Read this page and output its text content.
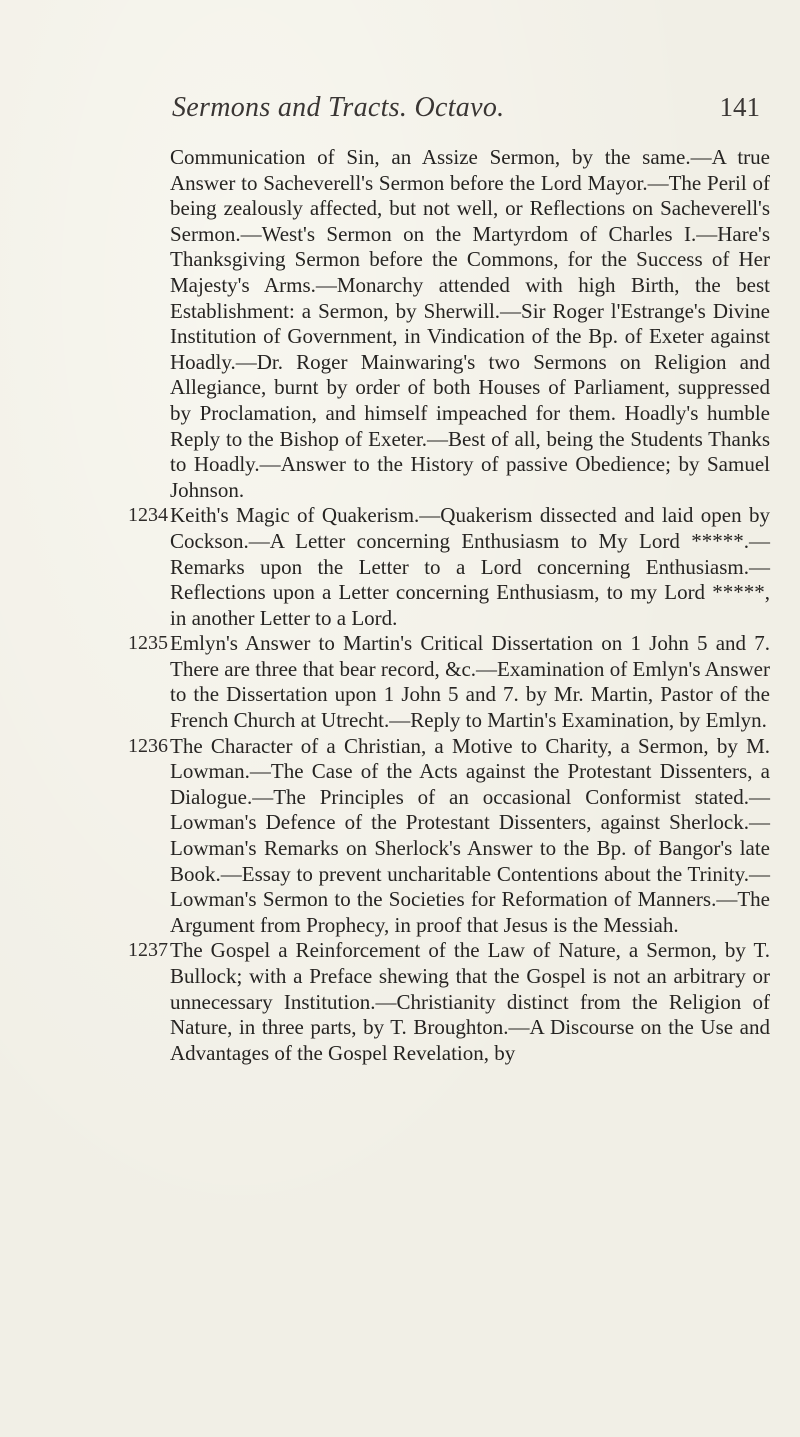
Sermons and Tracts. Octavo.	141
Communication of Sin, an Assize Sermon, by the same.—A true Answer to Sacheverell's Sermon before the Lord Mayor.—The Peril of being zealously affected, but not well, or Reflections on Sacheverell's Sermon.—West's Sermon on the Martyrdom of Charles I.—Hare's Thanksgiving Sermon before the Commons, for the Success of Her Majesty's Arms.—Monarchy attended with high Birth, the best Establishment: a Sermon, by Sherwill.—Sir Roger l'Estrange's Divine Institution of Government, in Vindication of the Bp. of Exeter against Hoadly.—Dr. Roger Mainwaring's two Sermons on Religion and Allegiance, burnt by order of both Houses of Parliament, suppressed by Proclamation, and himself impeached for them. Hoadly's humble Reply to the Bishop of Exeter.—Best of all, being the Students Thanks to Hoadly.—Answer to the History of passive Obedience; by Samuel Johnson.
1234 Keith's Magic of Quakerism.—Quakerism dissected and laid open by Cockson.—A Letter concerning Enthusiasm to My Lord *****.—Remarks upon the Letter to a Lord concerning Enthusiasm.—Reflections upon a Letter concerning Enthusiasm, to my Lord *****, in another Letter to a Lord.
1235 Emlyn's Answer to Martin's Critical Dissertation on 1 John 5 and 7. There are three that bear record, &c.—Examination of Emlyn's Answer to the Dissertation upon 1 John 5 and 7. by Mr. Martin, Pastor of the French Church at Utrecht.—Reply to Martin's Examination, by Emlyn.
1236 The Character of a Christian, a Motive to Charity, a Sermon, by M. Lowman.—The Case of the Acts against the Protestant Dissenters, a Dialogue.—The Principles of an occasional Conformist stated.—Lowman's Defence of the Protestant Dissenters, against Sherlock.—Lowman's Remarks on Sherlock's Answer to the Bp. of Bangor's late Book.—Essay to prevent uncharitable Contentions about the Trinity.—Lowman's Sermon to the Societies for Reformation of Manners.—The Argument from Prophecy, in proof that Jesus is the Messiah.
1237 The Gospel a Reinforcement of the Law of Nature, a Sermon, by T. Bullock; with a Preface shewing that the Gospel is not an arbitrary or unnecessary Institution.—Christianity distinct from the Religion of Nature, in three parts, by T. Broughton.—A Discourse on the Use and Advantages of the Gospel Revelation, by
